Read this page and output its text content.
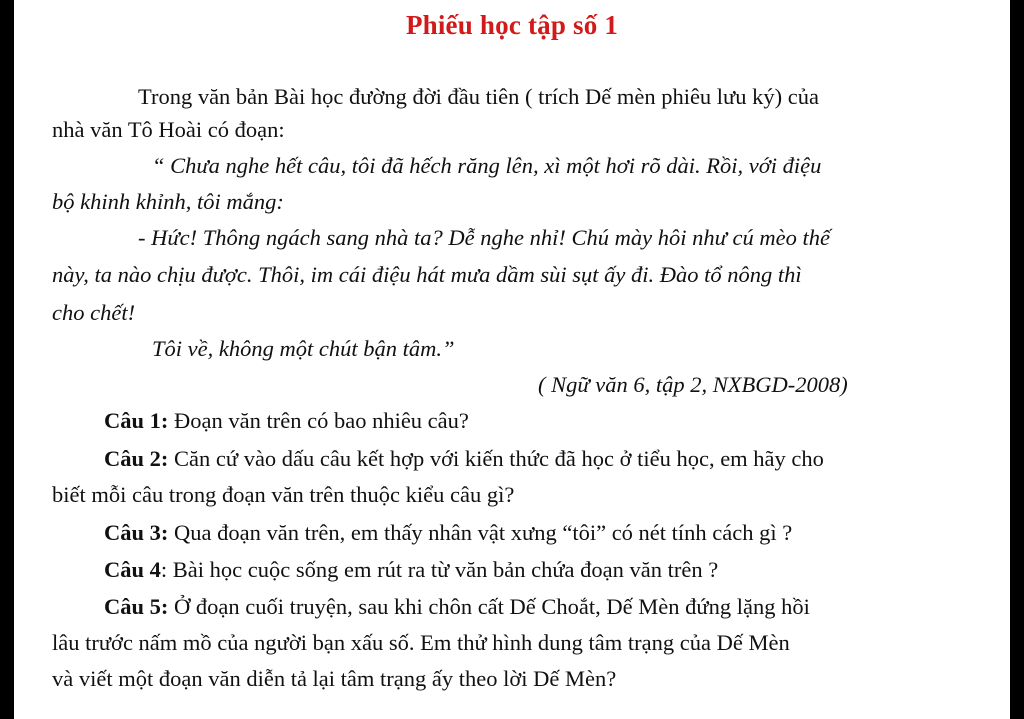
Phiếu học tập số 1
Trong văn bản Bài học đường đời đầu tiên ( trích Dế mèn phiêu lưu ký) của
nhà văn Tô Hoài có đoạn:
“ Chưa nghe hết câu, tôi đã hếch răng lên, xì một hơi rõ dài. Rồi, với điệu
bộ khinh khỉnh, tôi mắng:
- Hức! Thông ngách sang nhà ta? Dễ nghe nhỉ! Chú mày hôi như cú mèo thế
này, ta nào chịu được. Thôi, im cái điệu hát mưa dầm sùi sụt ấy đi. Đào tổ nông thì
cho chết!
Tôi về, không một chút bận tâm.”
( Ngữ văn 6, tập 2, NXBGD-2008)
Câu 1: Đoạn văn trên có bao nhiêu câu?
Câu 2: Căn cứ vào dấu câu kết hợp với kiến thức đã học ở tiểu học, em hãy cho
biết mỗi câu trong đoạn văn trên thuộc kiểu câu gì?
Câu 3: Qua đoạn văn trên, em thấy nhân vật xưng “tôi” có nét tính cách gì ?
Câu 4: Bài học cuộc sống em rút ra từ văn bản chứa đoạn văn trên ?
Câu 5: Ở đoạn cuối truyện, sau khi chôn cất Dế Choắt, Dế Mèn đứng lặng hồi
lâu trước nấm mồ của người bạn xấu số. Em thử hình dung tâm trạng của Dế Mèn
và viết một đoạn văn diễn tả lại tâm trạng ấy theo lời Dế Mèn?
